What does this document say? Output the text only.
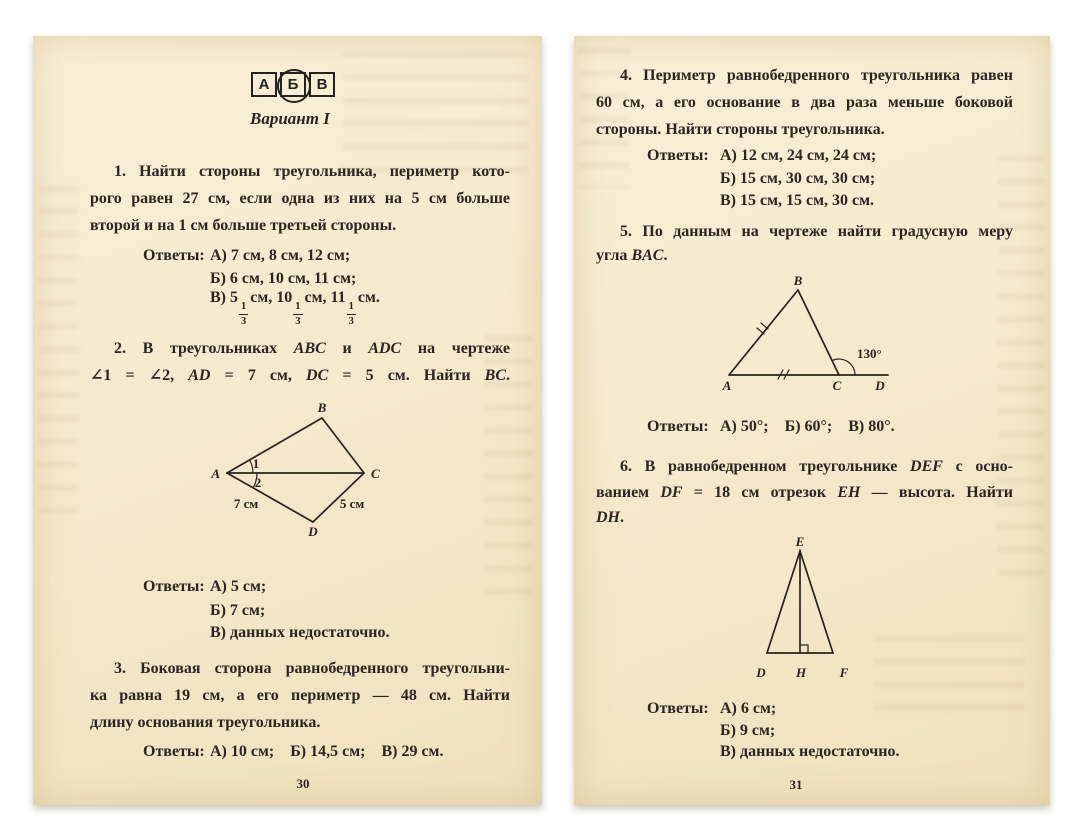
А	Б	В
Вариант I
1. Найти стороны треугольника, периметр кото-
рого равен 27 см, если одна из них на 5 см больше
второй и на 1 см больше третьей стороны.
Ответы: А) 7 см, 8 см, 12 см;
Б) 6 см, 10 см, 11 см;
В) 5
$\frac{1}{3}$
см, 10
$\frac{1}{3}$
см, 11
$\frac{1}{3}$
см.
2. В треугольниках ABC и ADC на чертеже
∠1 = ∠2, AD = 7 см, DC = 5 см. Найти BC.
A
B
C
D
1
2
7 см	5 см
Ответы: А) 5 см;
Б) 7 см;
В) данных недостаточно.
3. Боковая сторона равнобедренного треугольни-
ка равна 19 см, а его периметр — 48 см. Найти
длину основания треугольника.
Ответы: А) 10 см; Б) 14,5 см; В) 29 см.
30
4. Периметр равнобедренного треугольника равен
60 см, а его основание в два раза меньше боковой
стороны. Найти стороны треугольника.
Ответы: А) 12 см, 24 см, 24 см;
Б) 15 см, 30 см, 30 см;
В) 15 см, 15 см, 30 см.
5. По данным на чертеже найти градусную меру
угла BAC.
B
A	C	D
130°
Ответы: А) 50°; Б) 60°; В) 80°.
6. В равнобедренном треугольнике DEF с осно-
ванием DF = 18 см отрезок EH — высота. Найти
DH.
E
D H	F
Ответы: А) 6 см;
Б) 9 см;
В) данных недостаточно.
31
